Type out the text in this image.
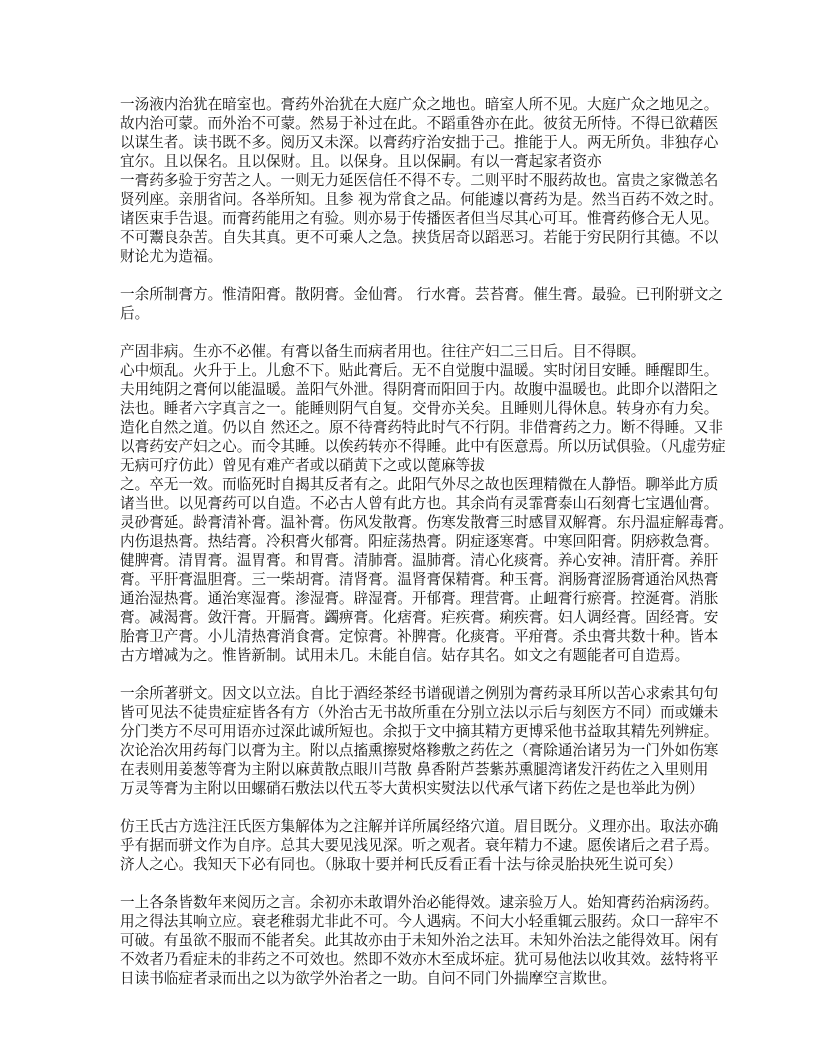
一汤液内治犹在暗室也。膏药外治犹在大庭广众之地也。暗室人所不见。大庭广众之地见之。
故内治可蒙。而外治不可蒙。然易于补过在此。不蹈重咎亦在此。彼贫无所恃。不得已欲藉医
以谋生者。读书既不多。阅历又未深。以膏药疗治安拙于己。推能于人。两无所负。非独存心
宜尔。且以保名。且以保财。且。以保身。且以保嗣。有以一膏起家者资亦
一膏药多验于穷苦之人。一则无力延医信任不得不专。二则平时不服药故也。富贵之家微恙名
贤列座。亲朋省问。各举所知。且参 视为常食之品。何能遽以膏药为是。然当百药不效之时。
诸医束手告退。而膏药能用之有验。则亦易于传播医者但当尽其心可耳。惟膏药修合无人见。
不可鬻良杂苦。自失其真。更不可乘人之急。挟货居奇以蹈恶习。若能于穷民阴行其德。不以
财论尤为造福。
一余所制膏方。惟清阳膏。散阴膏。金仙膏。 行水膏。芸苔膏。催生膏。最验。已刊附骈文之
后。
产固非病。生亦不必催。有膏以备生而病者用也。往往产妇二三日后。目不得瞑。
心中烦乱。火升于上。儿愈不下。贴此膏后。无不自觉腹中温暖。实时闭目安睡。睡醒即生。
夫用纯阴之膏何以能温暖。盖阳气外泄。得阴膏而阳回于内。故腹中温暖也。此即介以潜阳之
法也。睡者六字真言之一。能睡则阴气自复。交骨亦关矣。且睡则儿得休息。转身亦有力矣。
造化自然之道。仍以自 然还之。原不待膏药特此时气不行阴。非借膏药之力。断不得睡。又非
以膏药安产妇之心。而令其睡。以俟药转亦不得睡。此中有医意焉。所以历试俱验。（凡虚劳症
无病可疗仿此）曾见有难产者或以硝黄下之或以蓖麻等拔
之。卒无一效。而临死时自揭其反者有之。此阳气外尽之故也医理精微在人静悟。聊举此方质
诸当世。以见膏药可以自造。不必古人曾有此方也。其余尚有灵霏膏泰山石刻膏七宝遇仙膏。
灵砂膏延。龄膏清补膏。温补膏。伤风发散膏。伤寒发散膏三时感冒双解膏。东丹温症解毒膏。
内伤退热膏。热结膏。冷积膏火郁膏。阳症荡热膏。阴症逐寒膏。中寒回阳膏。阴痧救急膏。
健脾膏。清胃膏。温胃膏。和胃膏。清肺膏。温肺膏。清心化痰膏。养心安神。清肝膏。养肝
膏。平肝膏温胆膏。三一柴胡膏。清肾膏。温肾膏保精膏。种玉膏。润肠膏涩肠膏通治风热膏
通治湿热膏。通治寒湿膏。渗湿膏。辟湿膏。开郁膏。理营膏。止衄膏行瘀膏。控涎膏。消胀
膏。减渴膏。敛汗膏。开膈膏。蠲痹膏。化痞膏。疟疾膏。痢疾膏。妇人调经膏。固经膏。安
胎膏卫产膏。小儿清热膏消食膏。定惊膏。补脾膏。化痰膏。平疳膏。杀虫膏共数十种。皆本
古方增减为之。惟皆新制。试用未几。未能自信。姑存其名。如文之有题能者可自造焉。
一余所著骈文。因文以立法。自比于酒经茶经书谱砚谱之例别为膏药录耳所以苦心求索其句句
皆可见法不徒贵症症皆各有方（外治古无书故所重在分别立法以示后与刻医方不同）而或嫌未
分门类方不尽可用语亦过深此诚所短也。余拟于文中摘其精方更博采他书益取其精先列辨症。
次论治次用药每门以膏为主。附以点搐熏擦熨烙糁敷之药佐之（膏除通治诸另为一门外如伤寒
在表则用姜葱等膏为主附以麻黄散点眼川芎散 鼻香附芦荟紫苏熏腿湾诸发汗药佐之入里则用
万灵等膏为主附以田螺硝石敷法以代五苓大黄枳实熨法以代承气诸下药佐之是也举此为例）
仿王氏古方选注汪氏医方集解体为之注解并详所属经络穴道。眉目既分。义理亦出。取法亦确
乎有据而骈文作为自序。总其大要见浅见深。听之观者。衰年精力不逮。愿俟诸后之君子焉。
济人之心。我知天下必有同也。（脉取十要并柯氏反看正看十法与徐灵胎抉死生说可矣）
一上各条皆数年来阅历之言。余初亦未敢谓外治必能得效。逮亲验万人。始知膏药治病汤药。
用之得法其响立应。衰老稚弱尤非此不可。今人遇病。不问大小轻重辄云服药。众口一辞牢不
可破。有虽欲不服而不能者矣。此其故亦由于未知外治之法耳。未知外治法之能得效耳。闲有
不效者乃看症未的非药之不可效也。然即不效亦木至成坏症。犹可易他法以收其效。兹特将平
日读书临症者录而出之以为欲学外治者之一助。自问不同门外揣摩空言欺世。
